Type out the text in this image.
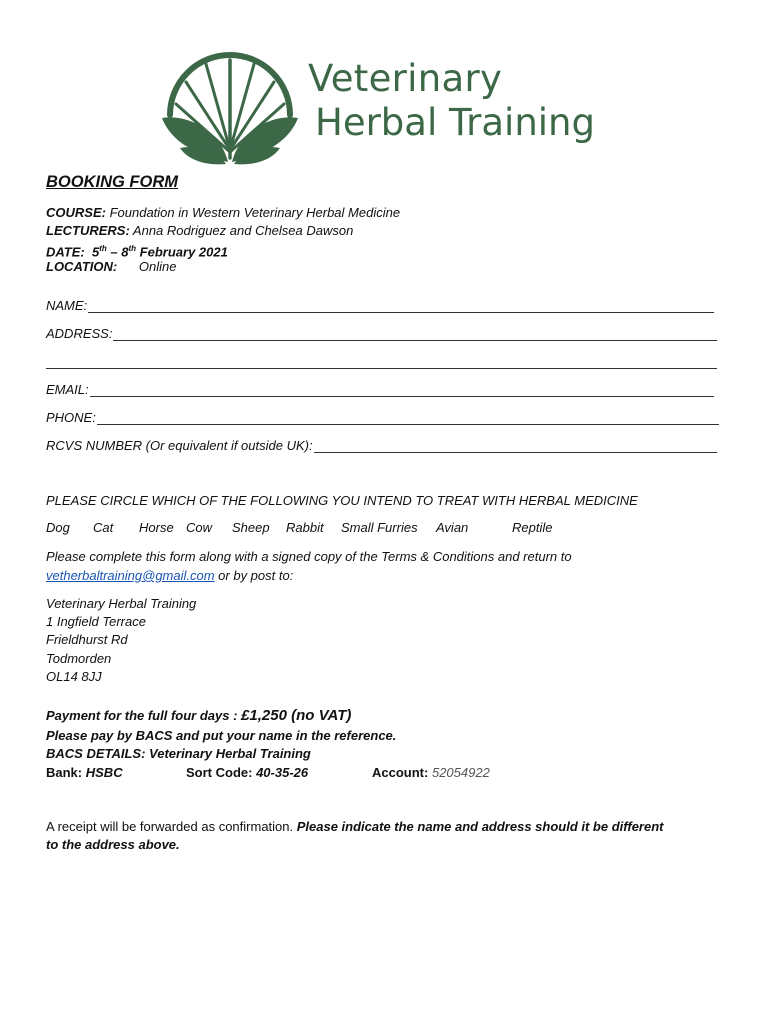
Veterinary
Herbal Training
BOOKING FORM
COURSE: Foundation in Western Veterinary Herbal Medicine
LECTURERS: Anna Rodriguez and Chelsea Dawson
DATE: 5th – 8th February 2021
LOCATION: Online
NAME:
ADDRESS:
EMAIL:
PHONE:
RCVS NUMBER (Or equivalent if outside UK):
PLEASE CIRCLE WHICH OF THE FOLLOWING YOU INTEND TO TREAT WITH HERBAL MEDICINE
Dog Cat Horse Cow Sheep Rabbit Small Furries Avian	Reptile
Please complete this form along with a signed copy of the Terms & Conditions and return to
vetherbaltraining@gmail.com or by post to:
Veterinary Herbal Training
1 Ingfield Terrace
Frieldhurst Rd
Todmorden
OL14 8JJ
Payment for the full four days : £1,250 (no VAT)
Please pay by BACS and put your name in the reference.
BACS DETAILS: Veterinary Herbal Training
Bank: HSBC	Sort Code: 40-35-26	Account: 52054922
A receipt will be forwarded as confirmation. Please indicate the name and address should it be different
to the address above.
